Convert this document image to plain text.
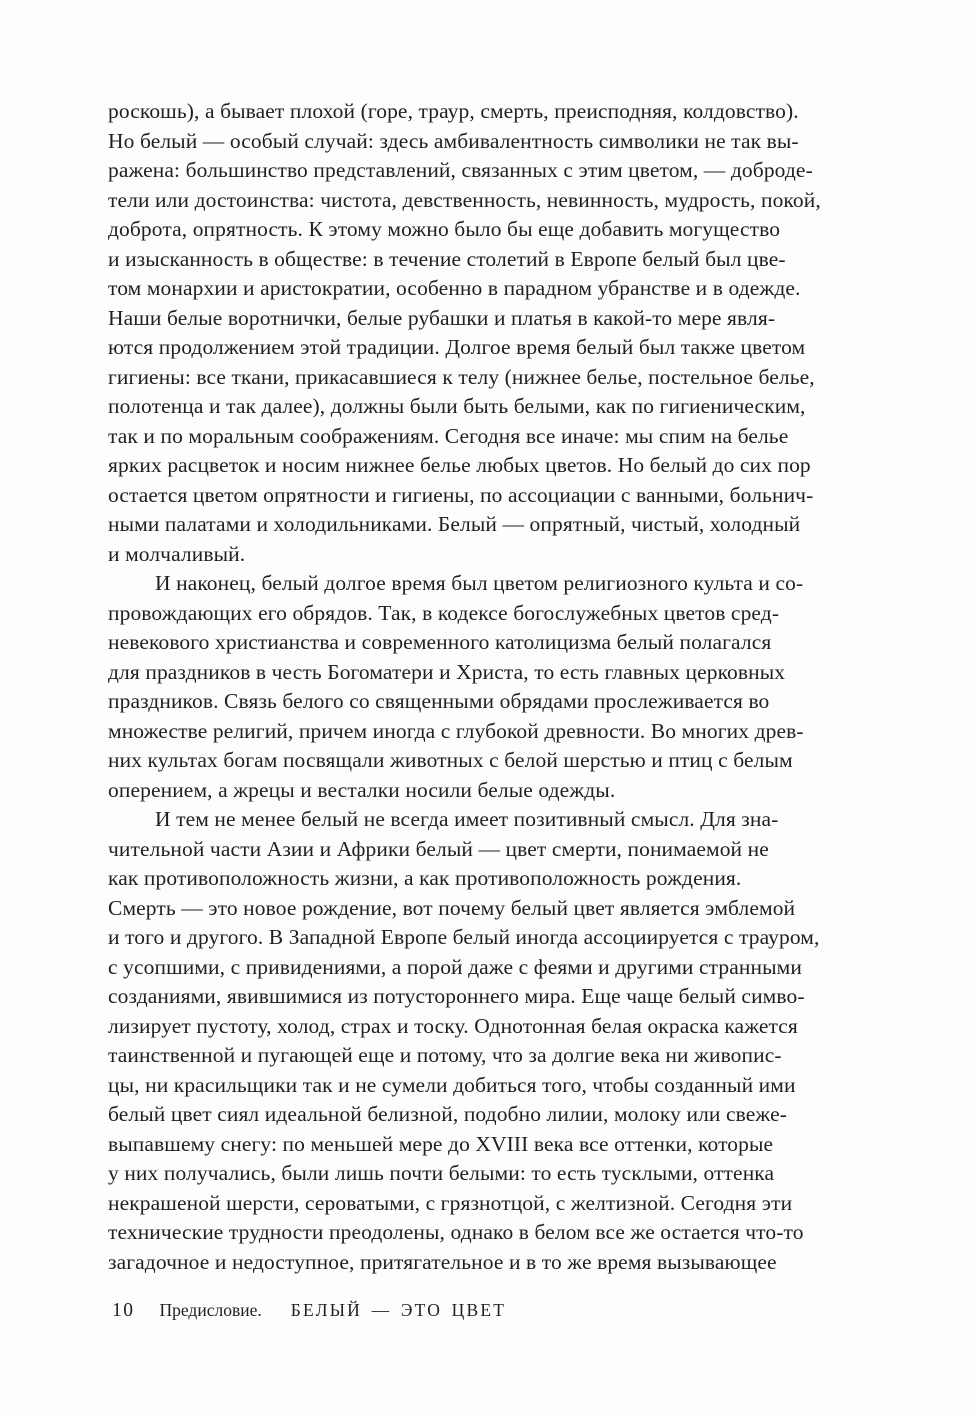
роскошь), а бывает плохой (горе, траур, смерть, преисподняя, колдовство).
Но белый — особый случай: здесь амбивалентность символики не так вы-
ражена: большинство представлений, связанных с этим цветом, — доброде-
тели или достоинства: чистота, девственность, невинность, мудрость, покой,
доброта, опрятность. К этому можно было бы еще добавить могущество
и изысканность в обществе: в течение столетий в Европе белый был цве-
том монархии и аристократии, особенно в парадном убранстве и в одежде.
Наши белые воротнички, белые рубашки и платья в какой-то мере явля-
ются продолжением этой традиции. Долгое время белый был также цветом
гигиены: все ткани, прикасавшиеся к телу (нижнее белье, постельное белье,
полотенца и так далее), должны были быть белыми, как по гигиеническим,
так и по моральным соображениям. Сегодня все иначе: мы спим на белье
ярких расцветок и носим нижнее белье любых цветов. Но белый до сих пор
остается цветом опрятности и гигиены, по ассоциации с ванными, больнич-
ными палатами и холодильниками. Белый — опрятный, чистый, холодный
и молчаливый.
И наконец, белый долгое время был цветом религиозного культа и со-
провождающих его обрядов. Так, в кодексе богослужебных цветов сред-
невекового христианства и современного католицизма белый полагался
для праздников в честь Богоматери и Христа, то есть главных церковных
праздников. Связь белого со священными обрядами прослеживается во
множестве религий, причем иногда с глубокой древности. Во многих древ-
них культах богам посвящали животных с белой шерстью и птиц с белым
оперением, а жрецы и весталки носили белые одежды.
И тем не менее белый не всегда имеет позитивный смысл. Для зна-
чительной части Азии и Африки белый — цвет смерти, понимаемой не
как противоположность жизни, а как противоположность рождения.
Смерть — это новое рождение, вот почему белый цвет является эмблемой
и того и другого. В Западной Европе белый иногда ассоциируется с трауром,
с усопшими, с привидениями, а порой даже с феями и другими странными
созданиями, явившимися из потустороннего мира. Еще чаще белый симво-
лизирует пустоту, холод, страх и тоску. Однотонная белая окраска кажется
таинственной и пугающей еще и потому, что за долгие века ни живопис-
цы, ни красильщики так и не сумели добиться того, чтобы созданный ими
белый цвет сиял идеальной белизной, подобно лилии, молоку или свеже-
выпавшему снегу: по меньшей мере до XVIII века все оттенки, которые
у них получались, были лишь почти белыми: то есть тусклыми, оттенка
некрашеной шерсти, сероватыми, с грязнотцой, с желтизной. Сегодня эти
технические трудности преодолены, однако в белом все же остается что-то
загадочное и недоступное, притягательное и в то же время вызывающее
10 Предисловие. БЕЛЫЙ — ЭТО ЦВЕТ
